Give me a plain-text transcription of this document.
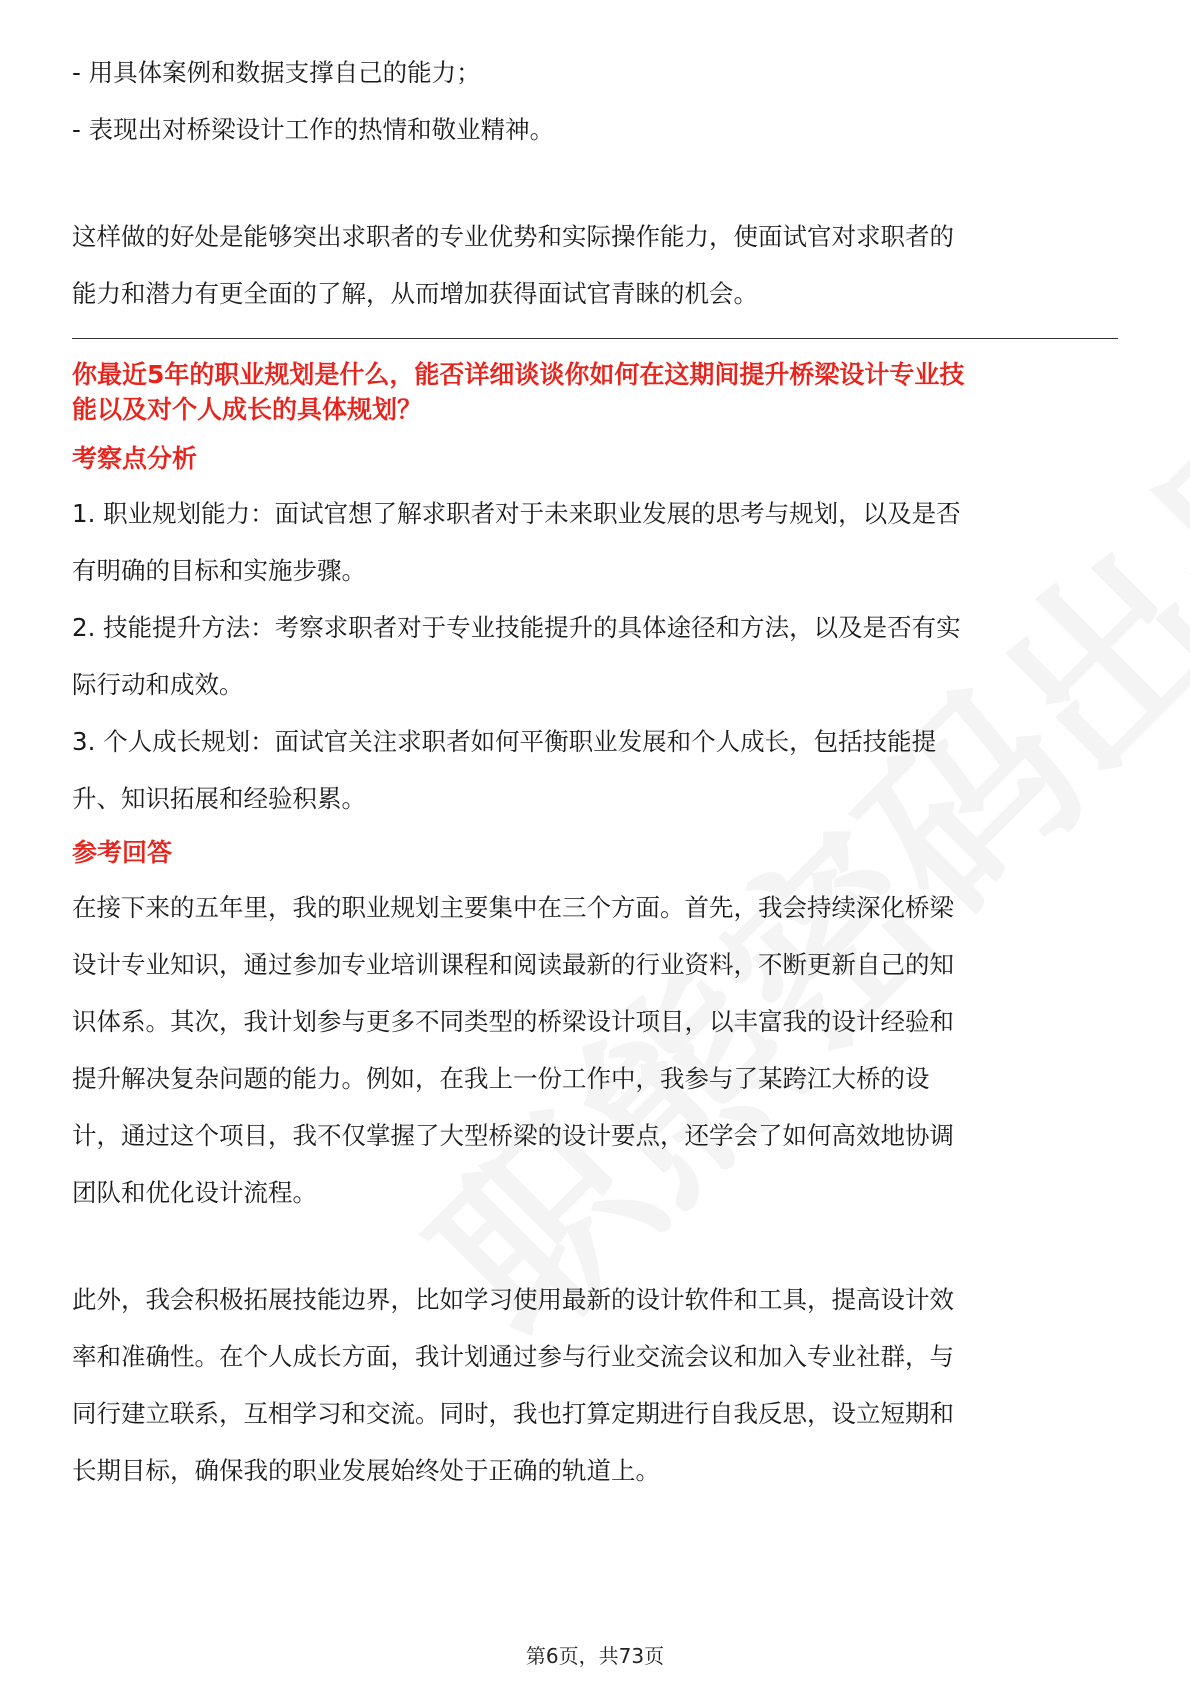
- 用具体案例和数据支撑自己的能力；

- 表现出对桥梁设计工作的热情和敬业精神。

这样做的好处是能够突出求职者的专业优势和实际操作能力，使面试官对求职者的

能力和潜力有更全面的了解，从而增加获得面试官青睐的机会。

你最近5年的职业规划是什么，能否详细谈谈你如何在这期间提升桥梁设计专业技

能以及对个人成长的具体规划？

考察点分析

1. 职业规划能力：面试官想了解求职者对于未来职业发展的思考与规划，以及是否

有明确的目标和实施步骤。

2. 技能提升方法：考察求职者对于专业技能提升的具体途径和方法，以及是否有实

际行动和成效。

3. 个人成长规划：面试官关注求职者如何平衡职业发展和个人成长，包括技能提

升、知识拓展和经验积累。

参考回答

在接下来的五年里，我的职业规划主要集中在三个方面。首先，我会持续深化桥梁

设计专业知识，通过参加专业培训课程和阅读最新的行业资料，不断更新自己的知

识体系。其次，我计划参与更多不同类型的桥梁设计项目，以丰富我的设计经验和

提升解决复杂问题的能力。例如，在我上一份工作中，我参与了某跨江大桥的设

计，通过这个项目，我不仅掌握了大型桥梁的设计要点，还学会了如何高效地协调

团队和优化设计流程。

此外，我会积极拓展技能边界，比如学习使用最新的设计软件和工具，提高设计效

率和准确性。在个人成长方面，我计划通过参与行业交流会议和加入专业社群，与

同行建立联系，互相学习和交流。同时，我也打算定期进行自我反思，设立短期和

长期目标，确保我的职业发展始终处于正确的轨道上。

第6页，共73页
